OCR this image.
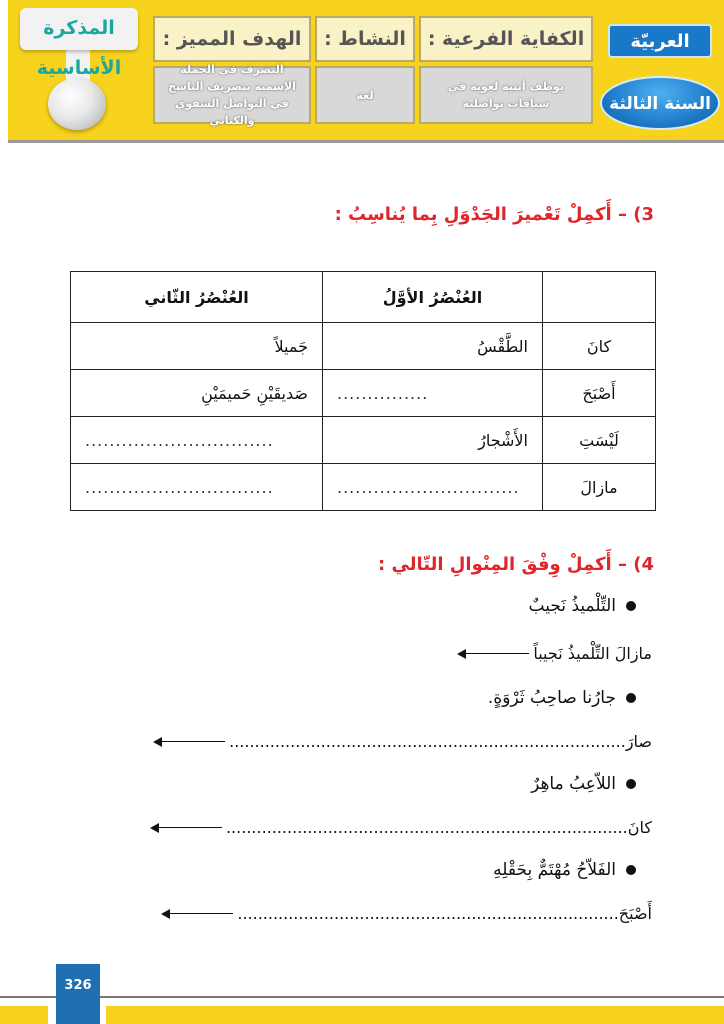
المذكرة الأساسية
الهدف المميز :
التصرف في الجملة الإسمية بتصريف الناسخ في التواصل الشفوي والكتابي
النشاط :
لغة
الكفاية الفرعية :
يوظف أبنية لغوية في سياقات تواصلية
العربيّة
السنة الثالثة
3) – أَكمِلْ تَعْميرَ الجَدْوَلِ بِما يُناسِبُ :
	العُنْصُرُ الأوَّلُ	العُنْصُرُ الثّاني
كانَ	الطَّقْسُ	جَميلاً
أَصْبَحَ	...............	صَديقَيْنِ حَميمَيْنِ
لَيْسَتِ	الأَشْجارُ	...............................
مازالَ	..............................	...............................
4) – أَكمِلْ وِفْقَ المِنْوالِ التّالي :
التِّلْميذُ نَجيبٌ
مازالَ التِّلْميذُ نَجيباً
جارُنا صاحِبُ ثَرْوَةٍ.
صارَ..............................................................................
اللاّعِبُ ماهِرٌ
كانَ...............................................................................
الفَلاّحُ مُهْتَمٌّ بِحَقْلِهِ
أَصْبَحَ...........................................................................
326
